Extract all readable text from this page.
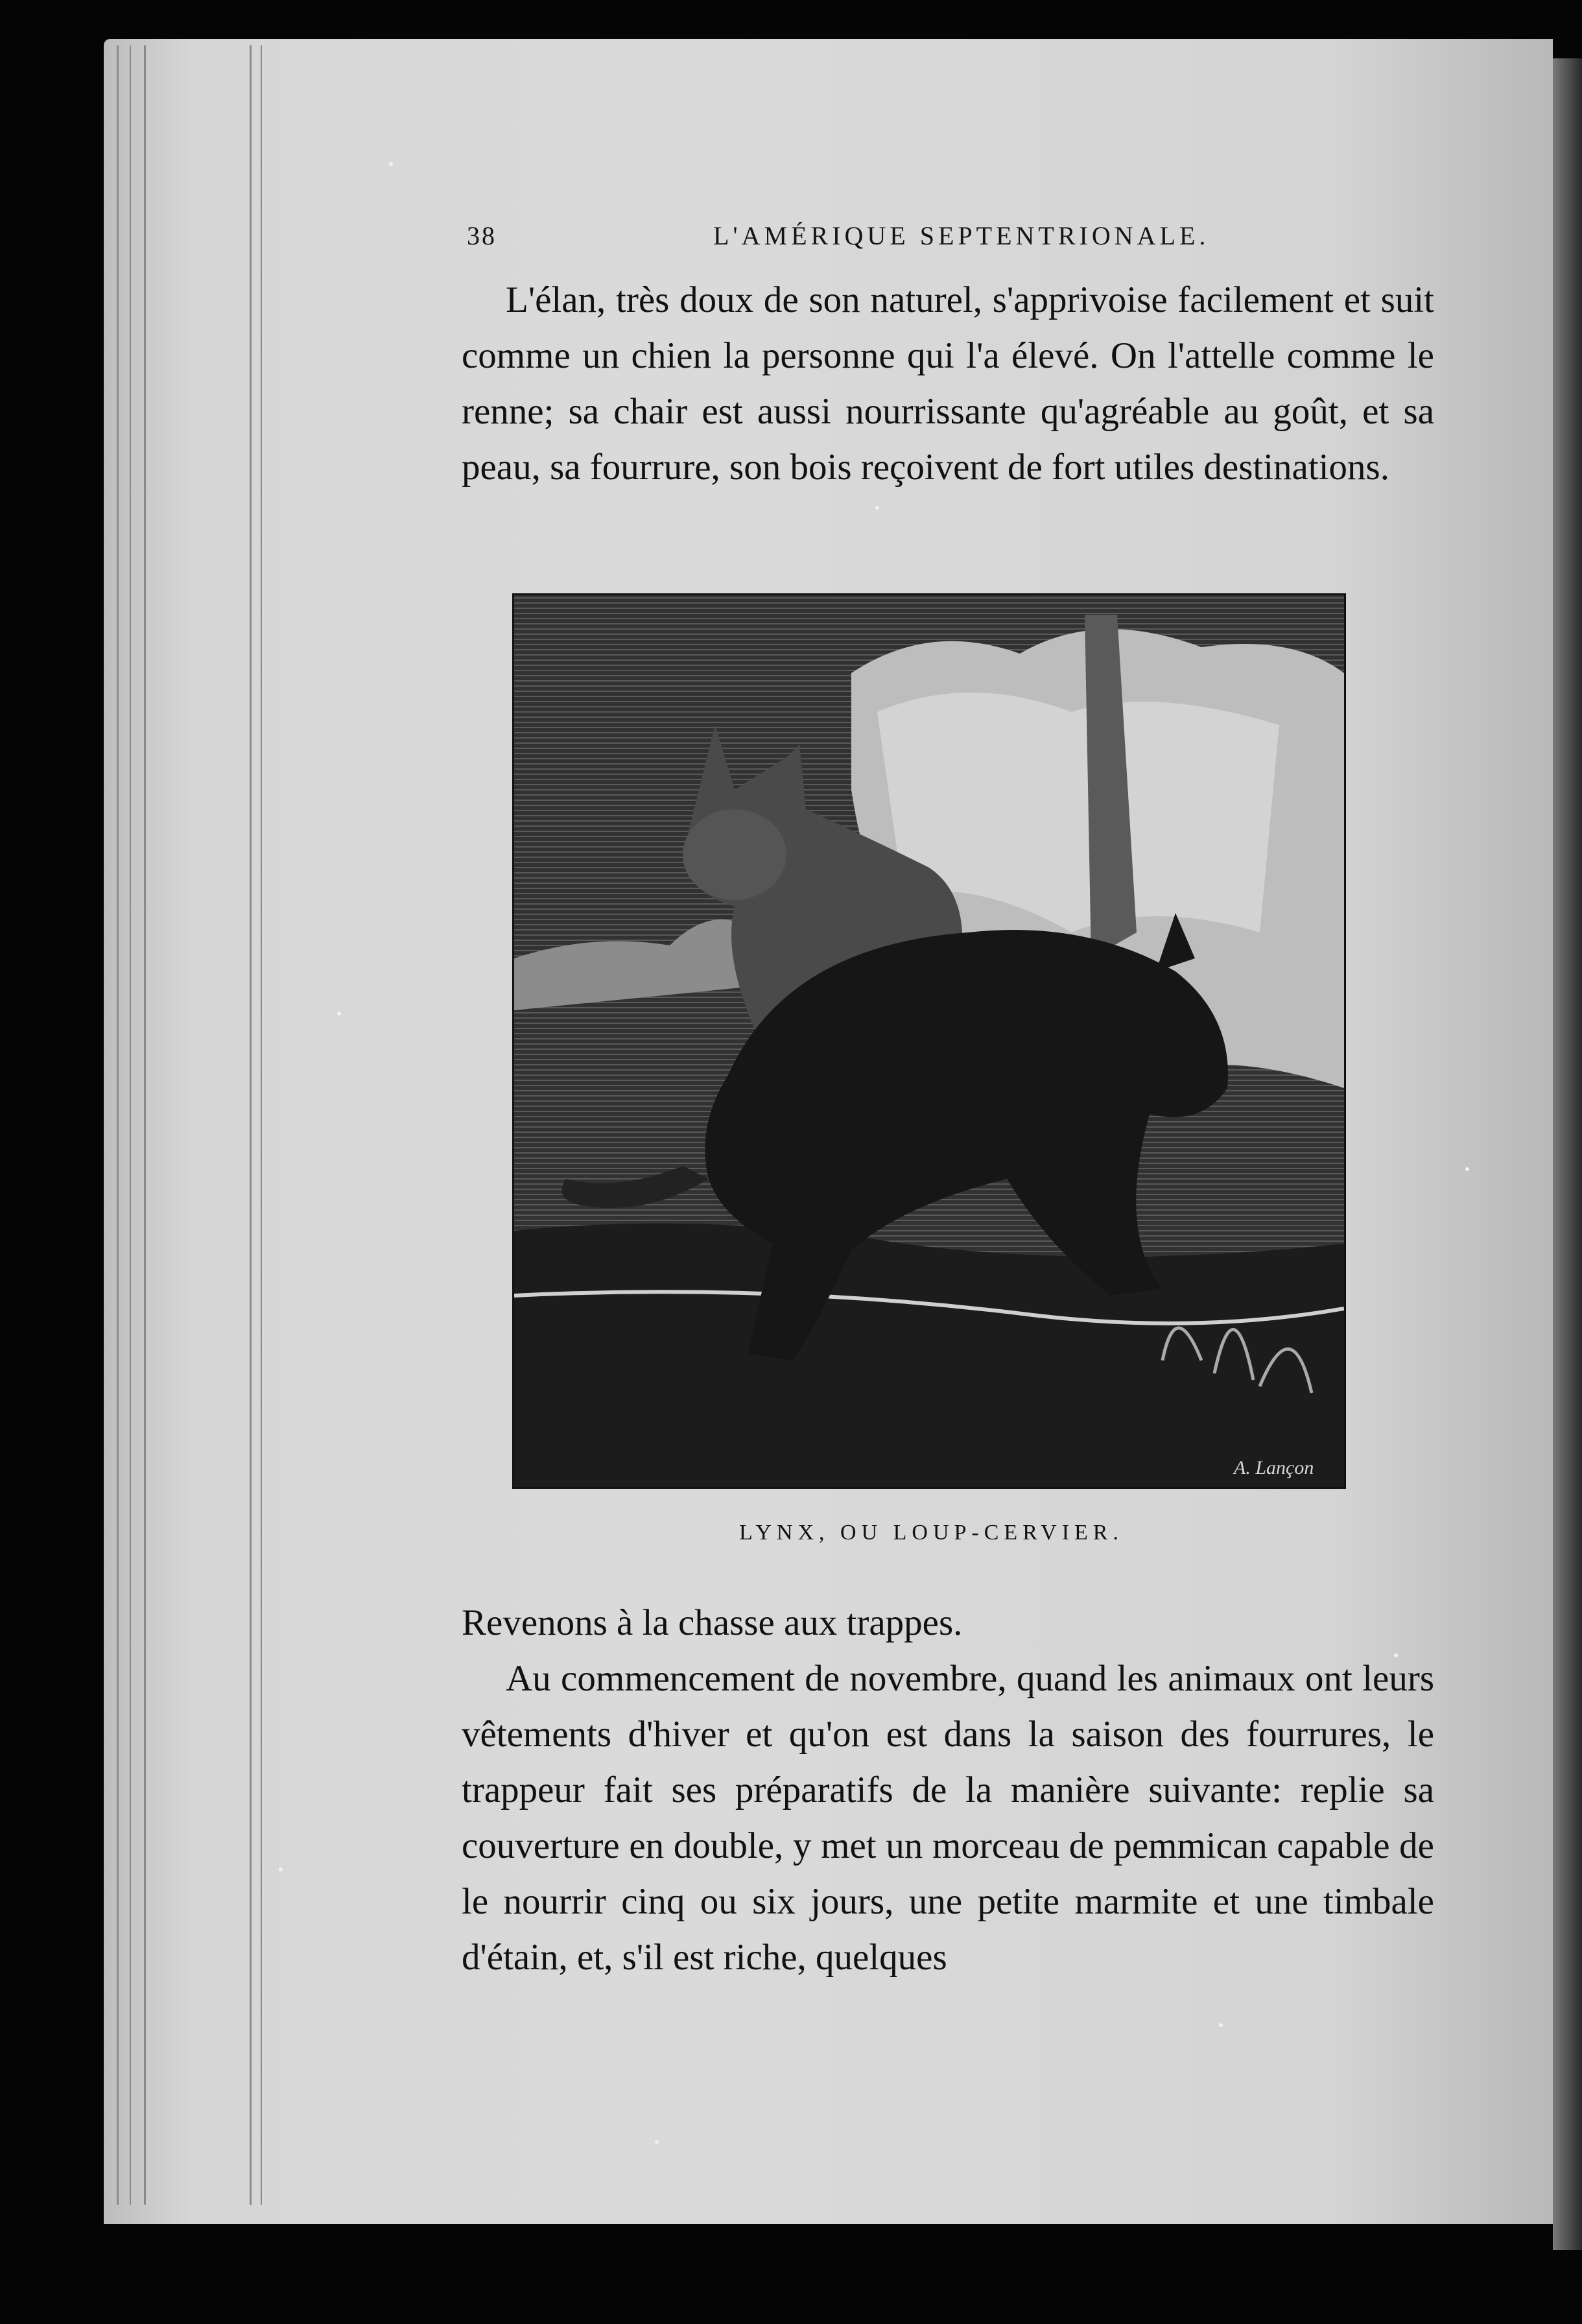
38	L'AMÉRIQUE SEPTENTRIONALE.

L'élan, très doux de son naturel, s'apprivoise facilement et suit comme un chien la personne qui l'a élevé. On l'attelle comme le renne; sa chair est aussi nourrissante qu'agréable au goût, et sa peau, sa fourrure, son bois reçoivent de fort utiles destinations.

A. Lançon
LYNX, OU LOUP-CERVIER.

Revenons à la chasse aux trappes.

Au commencement de novembre, quand les animaux ont leurs vêtements d'hiver et qu'on est dans la saison des fourrures, le trappeur fait ses préparatifs de la manière suivante: replie sa couverture en double, y met un morceau de pemmican capable de le nourrir cinq ou six jours, une petite marmite et une timbale d'étain, et, s'il est riche, quelques
